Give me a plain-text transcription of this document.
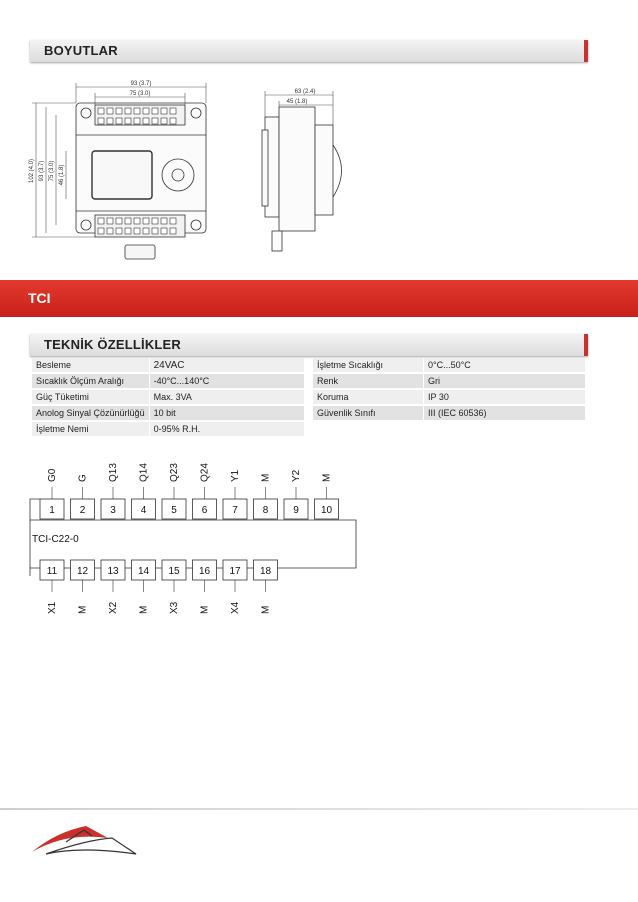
BOYUTLAR
93 (3.7)
75 (3.0)
102 (4.0) 93 (3.7) 75 (3.0) 46 (1.8)
63 (2.4)
45 (1.8)
TCI
TEKNİK ÖZELLİKLER
Besleme	24VAC
Sıcaklık Ölçüm Aralığı	-40°C...140°C
Güç Tüketimi	Max. 3VA
Anolog Sinyal Çözünürlüğü	10 bit
İşletme Nemi	0-95% R.H.
İşletme Sıcaklığı	0°C...50°C
Renk	Gri
Koruma	IP 30
Güvenlik Sınıfı	III (IEC 60536)
TCI-C22-0
1
G0
2
G
3
Q13
4
Q14
5
Q23
6
Q24
7
Y1
8
M
9
Y2
10
M
11
X1
12
M
13
X2
14
M
15
X3
16
M
17
X4
18
M
